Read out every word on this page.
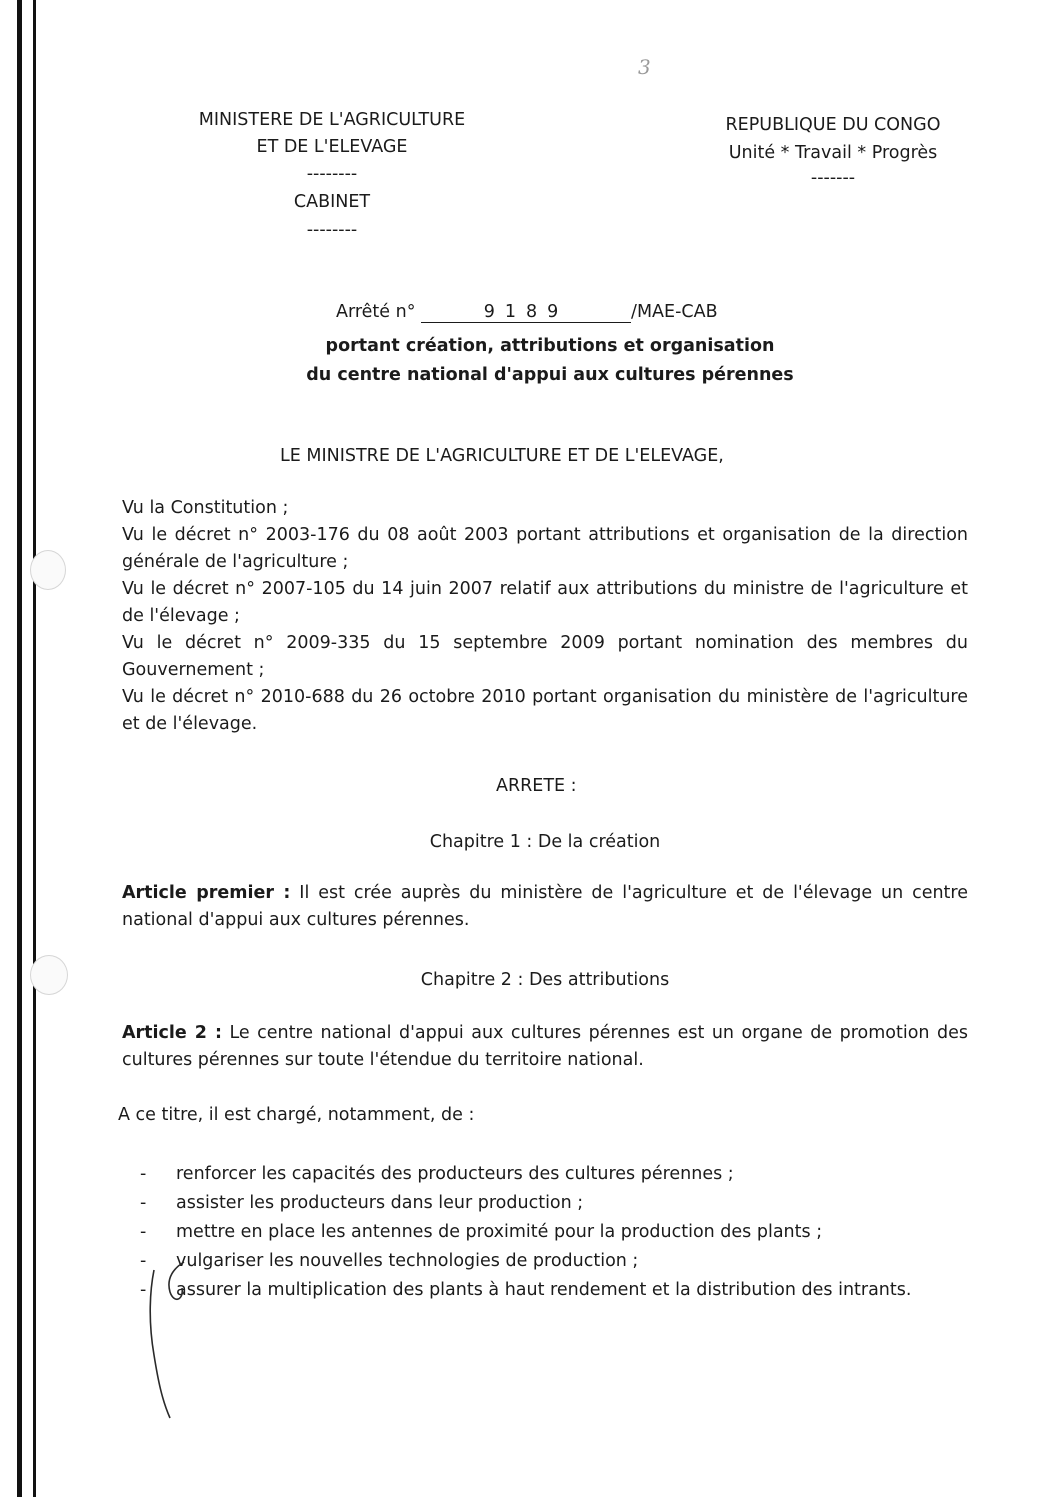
3
MINISTERE DE L'AGRICULTURE
ET DE L'ELEVAGE
--------
CABINET
--------
REPUBLIQUE DU CONGO
Unité * Travail * Progrès
-------
Arrêté n°	9189	/MAE-CAB
portant création, attributions et organisation
du centre national d'appui aux cultures pérennes
LE MINISTRE DE L'AGRICULTURE ET DE L'ELEVAGE,

Vu la Constitution ;

Vu le décret n° 2003-176 du 08 août 2003 portant attributions et organisation de la direction générale de l'agriculture ;

Vu le décret n° 2007-105 du 14 juin 2007 relatif aux attributions du ministre de l'agriculture et de l'élevage ;

Vu le décret n° 2009-335 du 15 septembre 2009 portant nomination des membres du Gouvernement ;

Vu le décret n° 2010-688 du 26 octobre 2010 portant organisation du ministère de l'agriculture et de l'élevage.

ARRETE :
Chapitre 1 : De la création

Article premier : Il est crée auprès du ministère de l'agriculture et de l'élevage un centre national d'appui aux cultures pérennes.

Chapitre 2 : Des attributions

Article 2 : Le centre national d'appui aux cultures pérennes est un organe de promotion des cultures pérennes sur toute l'étendue du territoire national.

A ce titre, il est chargé, notamment, de :
-	renforcer les capacités des producteurs des cultures pérennes ;
-	assister les producteurs dans leur production ;
-	mettre en place les antennes de proximité pour la production des plants ;
-	vulgariser les nouvelles technologies de production ;
-	assurer la multiplication des plants à haut rendement et la distribution des intrants.
